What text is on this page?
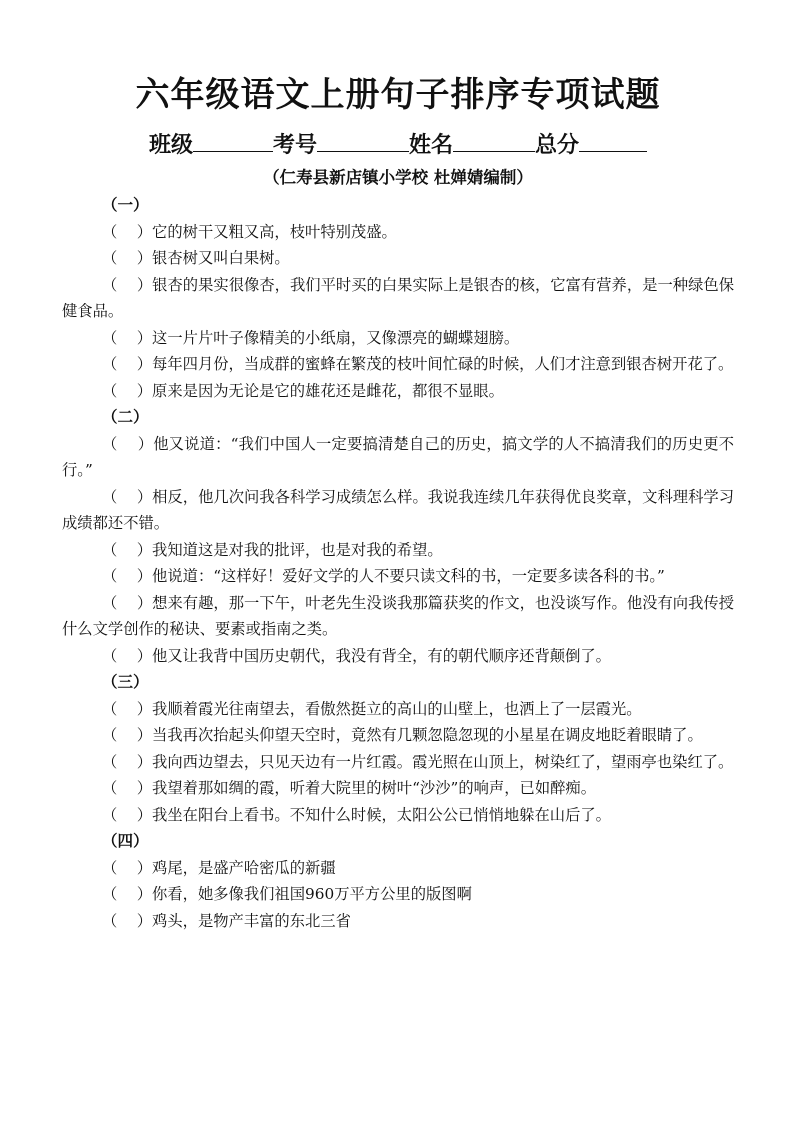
六年级语文上册句子排序专项试题
班级	考号	姓名	总分
（仁寿县新店镇小学校 杜婵婧编制）
（一）

（    ）它的树干又粗又高，枝叶特别茂盛。

（    ）银杏树又叫白果树。

（    ）银杏的果实很像杏，我们平时买的白果实际上是银杏的核，它富有营养，是一种绿色保健食品。

（    ）这一片片叶子像精美的小纸扇，又像漂亮的蝴蝶翅膀。

（    ）每年四月份，当成群的蜜蜂在繁茂的枝叶间忙碌的时候，人们才注意到银杏树开花了。

（    ）原来是因为无论是它的雄花还是雌花，都很不显眼。

（二）

（    ）他又说道：“我们中国人一定要搞清楚自己的历史，搞文学的人不搞清我们的历史更不行。”

（    ）相反，他几次问我各科学习成绩怎么样。我说我连续几年获得优良奖章，文科理科学习成绩都还不错。

（    ）我知道这是对我的批评，也是对我的希望。

（    ）他说道：“这样好！爱好文学的人不要只读文科的书，一定要多读各科的书。”

（    ）想来有趣，那一下午，叶老先生没谈我那篇获奖的作文，也没谈写作。他没有向我传授什么文学创作的秘诀、要素或指南之类。

（    ）他又让我背中国历史朝代，我没有背全，有的朝代顺序还背颠倒了。

（三）

（    ）我顺着霞光往南望去，看傲然挺立的高山的山壁上，也洒上了一层霞光。

（    ）当我再次抬起头仰望天空时，竟然有几颗忽隐忽现的小星星在调皮地眨着眼睛了。

（    ）我向西边望去，只见天边有一片红霞。霞光照在山顶上，树染红了，望雨亭也染红了。

（    ）我望着那如绸的霞，听着大院里的树叶“沙沙”的响声，已如醉痴。

（    ）我坐在阳台上看书。不知什么时候，太阳公公已悄悄地躲在山后了。

（四）

（    ）鸡尾，是盛产哈密瓜的新疆

（    ）你看，她多像我们祖国960万平方公里的版图啊

（    ）鸡头，是物产丰富的东北三省
